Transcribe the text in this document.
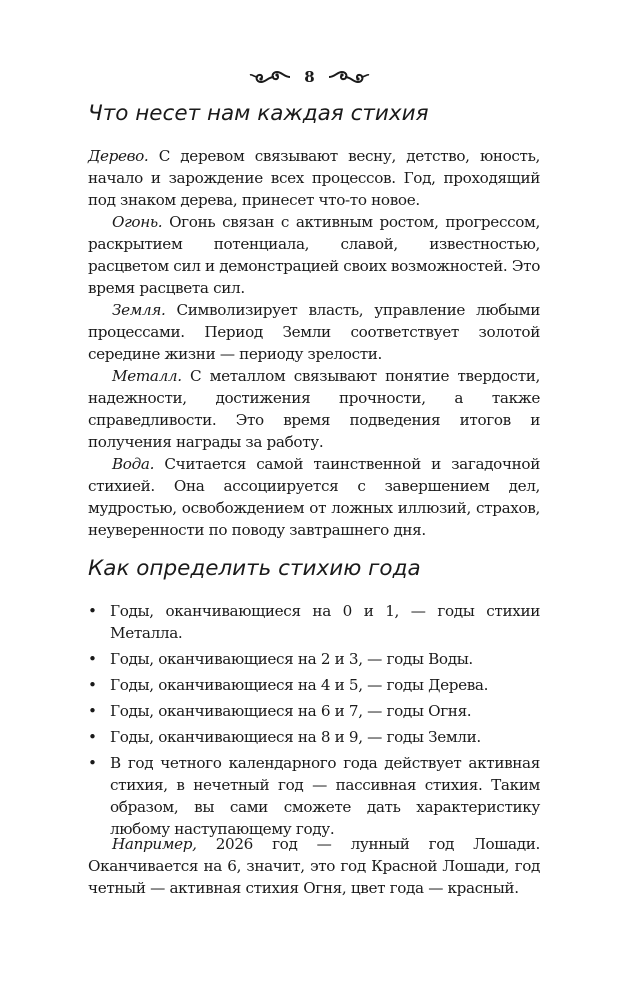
8
Что несет нам каждая стихия

Дерево. С деревом связывают весну, детство, юность, начало и зарождение всех процессов. Год, проходящий под знаком дерева, принесет что-то новое.

Огонь. Огонь связан с активным ростом, прогрессом, раскрытием потенциала, славой, известностью, расцветом сил и демонстрацией своих возможностей. Это время расцвета сил.

Земля. Символизирует власть, управление любыми процессами. Период Земли соответствует золотой середине жизни — периоду зрелости.

Металл. С металлом связывают понятие твердости, надежности, достижения прочности, а также справедливости. Это время подведения итогов и получения награды за работу.

Вода. Считается самой таинственной и загадочной стихией. Она ассоциируется с завершением дел, мудростью, освобождением от ложных иллюзий, страхов, неуверенности по поводу завтрашнего дня.

Как определить стихию года
• Годы, оканчивающиеся на 0 и 1, — годы стихии Металла.
• Годы, оканчивающиеся на 2 и 3, — годы Воды.
• Годы, оканчивающиеся на 4 и 5, — годы Дерева.
• Годы, оканчивающиеся на 6 и 7, — годы Огня.
• Годы, оканчивающиеся на 8 и 9, — годы Земли.
• В год четного календарного года действует активная стихия, в нечетный год — пассивная стихия. Таким образом, вы сами сможете дать характеристику любому наступающему году.

Например, 2026 год — лунный год Лошади. Оканчивается на 6, значит, это год Красной Лошади, год четный — активная стихия Огня, цвет года — красный.
